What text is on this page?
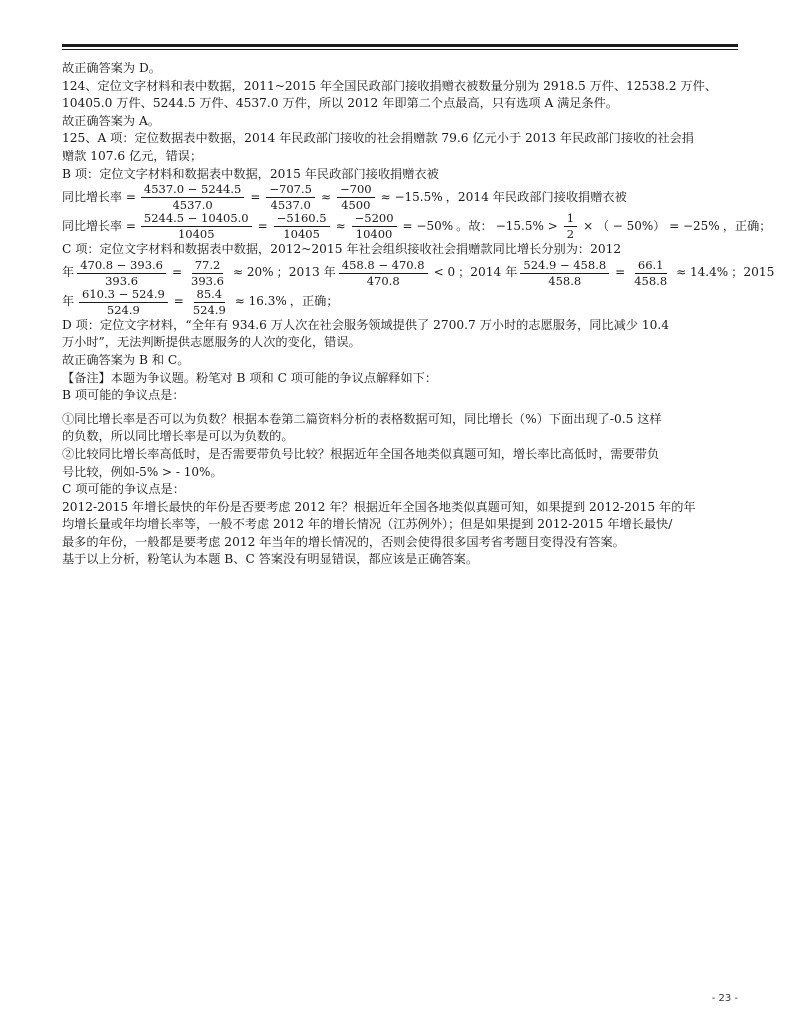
故正确答案为 D。

124、定位文字材料和表中数据，2011~2015 年全国民政部门接收捐赠衣被数量分别为 2918.5 万件、12538.2 万件、

10405.0 万件、5244.5 万件、4537.0 万件，所以 2012 年即第二个点最高，只有选项 A 满足条件。

故正确答案为 A。

125、A 项：定位数据表中数据，2014 年民政部门接收的社会捐赠款 79.6 亿元小于 2013 年民政部门接收的社会捐

赠款 107.6 亿元，错误；

B 项：定位文字材料和数据表中数据，2015 年民政部门接收捐赠衣被

同比增长率 = $\frac{4537.0 - 5244.5}{4537.0} = \frac{-707.5}{4537.0} \approx \frac{-700}{4500} \approx -15.5\%$ ，2014 年民政部门接收捐赠衣被
同比增长率 = $\frac{5244.5 - 10405.0}{10405} = \frac{-5160.5}{10405} \approx \frac{-5200}{10400} = -50\%$ 。故： $-15.5\% > \frac{1}{2}$ × （ − 50%） = −25% ，正确；

C 项：定位文字材料和数据表中数据，2012~2015 年社会组织接收社会捐赠款同比增长分别为：2012

年 $\frac{470.8 - 393.6}{393.6} = \frac{77.2}{393.6} \approx 20\%$ ；2013 年 $\frac{458.8 - 470.8}{470.8} < 0$ ；2014 年 $\frac{524.9 - 458.8}{458.8} = \frac{66.1}{458.8} \approx 14.4\%$ ；2015
年 $\frac{610.3 - 524.9}{524.9} = \frac{85.4}{524.9} \approx 16.3\%$ ，正确；

D 项：定位文字材料，“全年有 934.6 万人次在社会服务领域提供了 2700.7 万小时的志愿服务，同比减少 10.4

万小时”，无法判断提供志愿服务的人次的变化，错误。

故正确答案为 B 和 C。

【备注】本题为争议题。粉笔对 B 项和 C 项可能的争议点解释如下：

B 项可能的争议点是：

①同比增长率是否可以为负数？根据本卷第二篇资料分析的表格数据可知，同比增长（%）下面出现了-0.5 这样

的负数，所以同比增长率是可以为负数的。

②比较同比增长率高低时，是否需要带负号比较？根据近年全国各地类似真题可知，增长率比高低时，需要带负

号比较，例如-5% > - 10%。

C 项可能的争议点是：

2012-2015 年增长最快的年份是否要考虑 2012 年？根据近年全国各地类似真题可知，如果提到 2012-2015 年的年

均增长量或年均增长率等，一般不考虑 2012 年的增长情况（江苏例外）；但是如果提到 2012-2015 年增长最快/

最多的年份，一般都是要考虑 2012 年当年的增长情况的，否则会使得很多国考省考题目变得没有答案。

基于以上分析，粉笔认为本题 B、C 答案没有明显错误，都应该是正确答案。

- 23 -
